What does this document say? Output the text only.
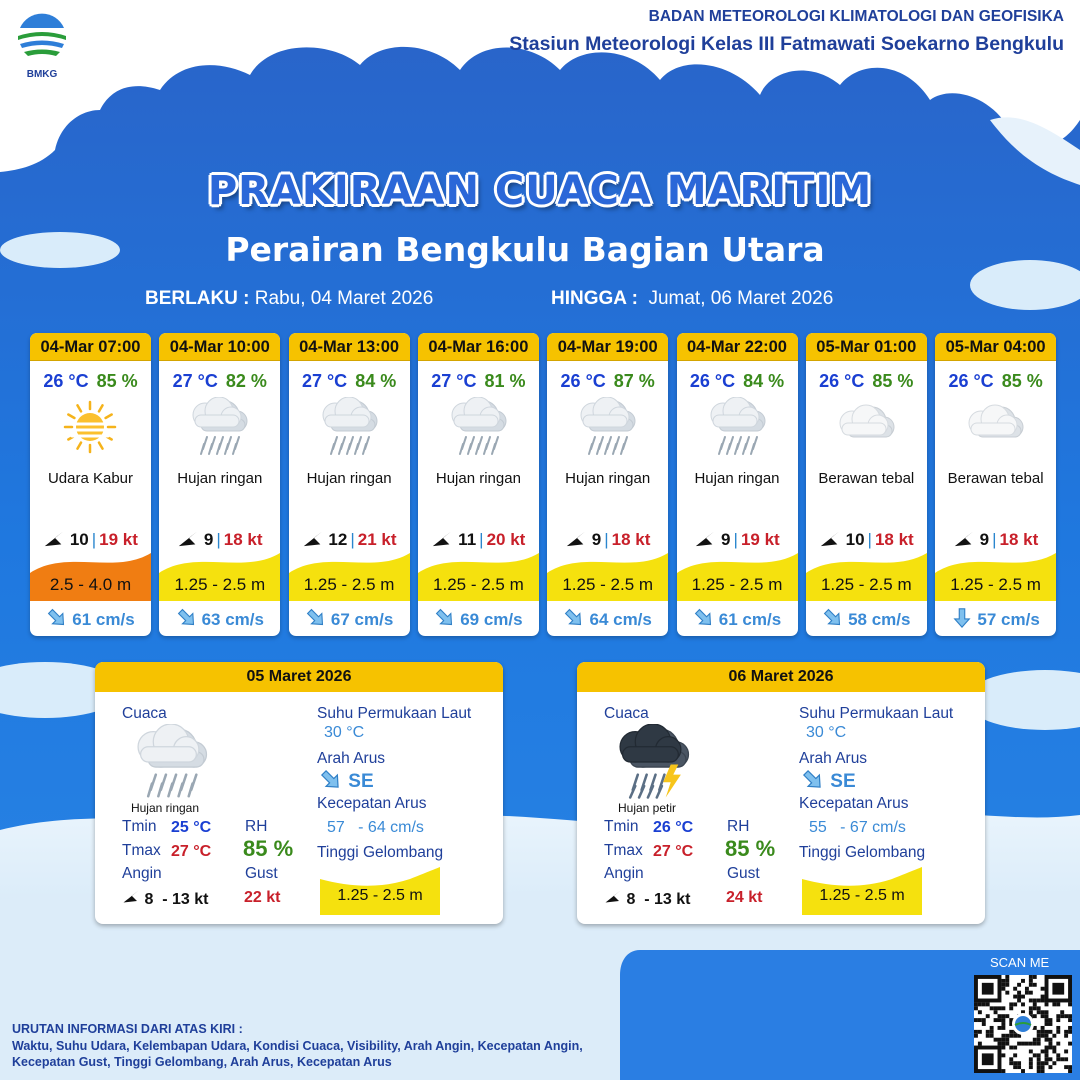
BMKG
BADAN METEOROLOGI KLIMATOLOGI DAN GEOFISIKA
Stasiun Meteorologi Kelas III Fatmawati Soekarno Bengkulu
PRAKIRAAN CUACA MARITIM
Perairan Bengkulu Bagian Utara
BERLAKU : Rabu, 04 Maret 2026	HINGGA : Jumat, 06 Maret 2026
04-Mar 07:00
26 °C 85 %
Udara Kabur
10 | 19 kt
2.5 - 4.0 m
61 cm/s
04-Mar 10:00
27 °C 82 %
Hujan ringan
9 | 18 kt
1.25 - 2.5 m
63 cm/s
04-Mar 13:00
27 °C 84 %
Hujan ringan
12 | 21 kt
1.25 - 2.5 m
67 cm/s
04-Mar 16:00
27 °C 81 %
Hujan ringan
11 | 20 kt
1.25 - 2.5 m
69 cm/s
04-Mar 19:00
26 °C 87 %
Hujan ringan
9 | 18 kt
1.25 - 2.5 m
64 cm/s
04-Mar 22:00
26 °C 84 %
Hujan ringan
9 | 19 kt
1.25 - 2.5 m
61 cm/s
05-Mar 01:00
26 °C 85 %
Berawan tebal
10 | 18 kt
1.25 - 2.5 m
58 cm/s
05-Mar 04:00
26 °C 85 %
Berawan tebal
9 | 18 kt
1.25 - 2.5 m
57 cm/s
05 Maret 2026
Cuaca
Hujan ringan
Tmin 25 °C
Tmax 27 °C
Angin
8 - 13 kt
RH
85 %
Gust
22 kt
Suhu Permukaan Laut
30 °C
Arah Arus
SE
Kecepatan Arus
57 - 64 cm/s
Tinggi Gelombang
1.25 - 2.5 m
06 Maret 2026
Cuaca
Hujan petir
Tmin 26 °C
Tmax 27 °C
Angin
8 - 13 kt
RH
85 %
Gust
24 kt
Suhu Permukaan Laut
30 °C
Arah Arus
SE
Kecepatan Arus
55 - 67 cm/s
Tinggi Gelombang
1.25 - 2.5 m
URUTAN INFORMASI DARI ATAS KIRI :
Waktu, Suhu Udara, Kelembapan Udara, Kondisi Cuaca, Visibility, Arah Angin, Kecepatan Angin, Kecepatan Gust, Tinggi Gelombang, Arah Arus, Kecepatan Arus
SCAN ME
